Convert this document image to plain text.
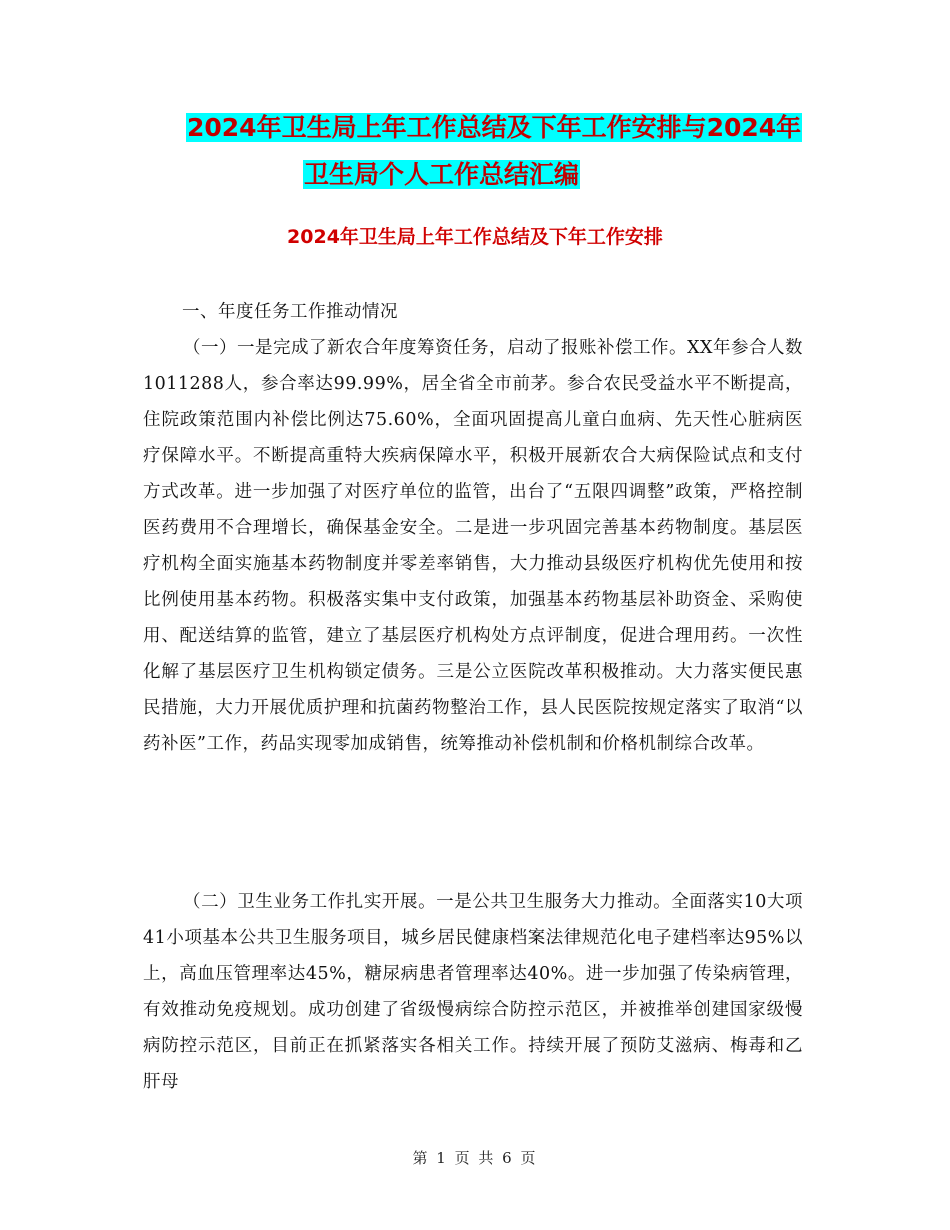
2024年卫生局上年工作总结及下年工作安排与2024年
卫生局个人工作总结汇编
2024年卫生局上年工作总结及下年工作安排
一、年度任务工作推动情况
（一）一是完成了新农合年度筹资任务，启动了报账补偿工作。XX年参合人数1011288人，参合率达99.99%，居全省全市前茅。参合农民受益水平不断提高，住院政策范围内补偿比例达75.60%，全面巩固提高儿童白血病、先天性心脏病医疗保障水平。不断提高重特大疾病保障水平，积极开展新农合大病保险试点和支付方式改革。进一步加强了对医疗单位的监管，出台了“五限四调整”政策，严格控制医药费用不合理增长，确保基金安全。二是进一步巩固完善基本药物制度。基层医疗机构全面实施基本药物制度并零差率销售，大力推动县级医疗机构优先使用和按比例使用基本药物。积极落实集中支付政策，加强基本药物基层补助资金、采购使用、配送结算的监管，建立了基层医疗机构处方点评制度，促进合理用药。一次性化解了基层医疗卫生机构锁定债务。三是公立医院改革积极推动。大力落实便民惠民措施，大力开展优质护理和抗菌药物整治工作，县人民医院按规定落实了取消“以药补医”工作，药品实现零加成销售，统筹推动补偿机制和价格机制综合改革。
（二）卫生业务工作扎实开展。一是公共卫生服务大力推动。全面落实10大项41小项基本公共卫生服务项目，城乡居民健康档案法律规范化电子建档率达95%以上，高血压管理率达45%，糖尿病患者管理率达40%。进一步加强了传染病管理，有效推动免疫规划。成功创建了省级慢病综合防控示范区，并被推举创建国家级慢病防控示范区，目前正在抓紧落实各相关工作。持续开展了预防艾滋病、梅毒和乙肝母
第 1 页 共 6 页
